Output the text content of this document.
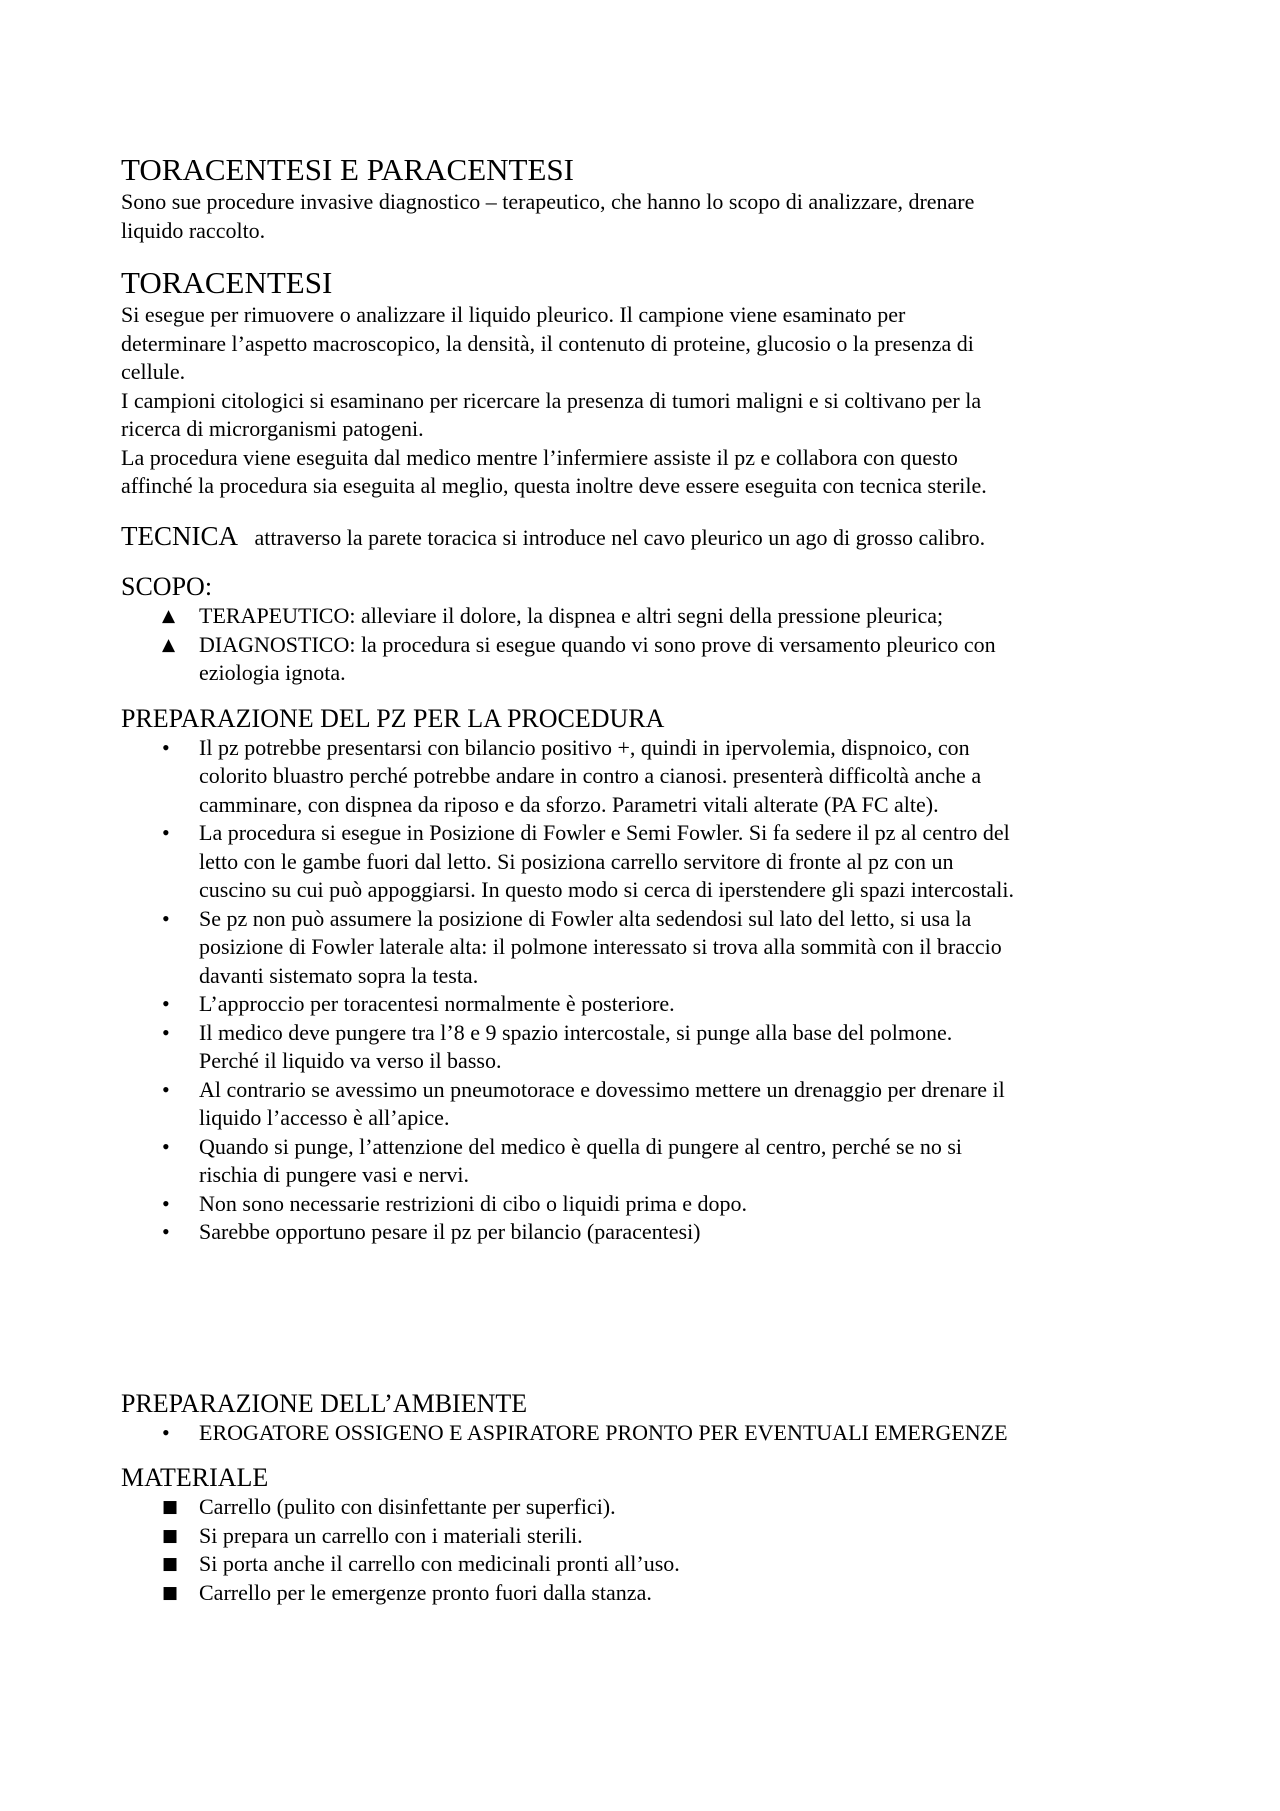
TORACENTESI E PARACENTESI

Sono sue procedure invasive diagnostico – terapeutico, che hanno lo scopo di analizzare, drenare

liquido raccolto.

TORACENTESI

Si esegue per rimuovere o analizzare il liquido pleurico. Il campione viene esaminato per

determinare l’aspetto macroscopico, la densità, il contenuto di proteine, glucosio o la presenza di

cellule.

I campioni citologici si esaminano per ricercare la presenza di tumori maligni e si coltivano per la

ricerca di microrganismi patogeni.

La procedura viene eseguita dal medico mentre l’infermiere assiste il pz e collabora con questo

affinché la procedura sia eseguita al meglio, questa inoltre deve essere eseguita con tecnica sterile.

TECNICA attraverso la parete toracica si introduce nel cavo pleurico un ago di grosso calibro.

SCOPO:
▲	TERAPEUTICO: alleviare il dolore, la dispnea e altri segni della pressione pleurica;
▲	DIAGNOSTICO: la procedura si esegue quando vi sono prove di versamento pleurico con
eziologia ignota.
PREPARAZIONE DEL PZ PER LA PROCEDURA
•	Il pz potrebbe presentarsi con bilancio positivo +, quindi in ipervolemia, dispnoico, con
colorito bluastro perché potrebbe andare in contro a cianosi. presenterà difficoltà anche a
camminare, con dispnea da riposo e da sforzo. Parametri vitali alterate (PA FC alte).
•	La procedura si esegue in Posizione di Fowler e Semi Fowler. Si fa sedere il pz al centro del
letto con le gambe fuori dal letto. Si posiziona carrello servitore di fronte al pz con un
cuscino su cui può appoggiarsi. In questo modo si cerca di iperstendere gli spazi intercostali.
•	Se pz non può assumere la posizione di Fowler alta sedendosi sul lato del letto, si usa la
posizione di Fowler laterale alta: il polmone interessato si trova alla sommità con il braccio
davanti sistemato sopra la testa.
•	L’approccio per toracentesi normalmente è posteriore.
•	Il medico deve pungere tra l’8 e 9 spazio intercostale, si punge alla base del polmone.
Perché il liquido va verso il basso.
•	Al contrario se avessimo un pneumotorace e dovessimo mettere un drenaggio per drenare il
liquido l’accesso è all’apice.
•	Quando si punge, l’attenzione del medico è quella di pungere al centro, perché se no si
rischia di pungere vasi e nervi.
•	Non sono necessarie restrizioni di cibo o liquidi prima e dopo.
•	Sarebbe opportuno pesare il pz per bilancio (paracentesi)
PREPARAZIONE DELL’AMBIENTE
•	EROGATORE OSSIGENO E ASPIRATORE PRONTO PER EVENTUALI EMERGENZE
MATERIALE
■ Carrello (pulito con disinfettante per superfici).
■ Si prepara un carrello con i materiali sterili.
■ Si porta anche il carrello con medicinali pronti all’uso.
■ Carrello per le emergenze pronto fuori dalla stanza.
